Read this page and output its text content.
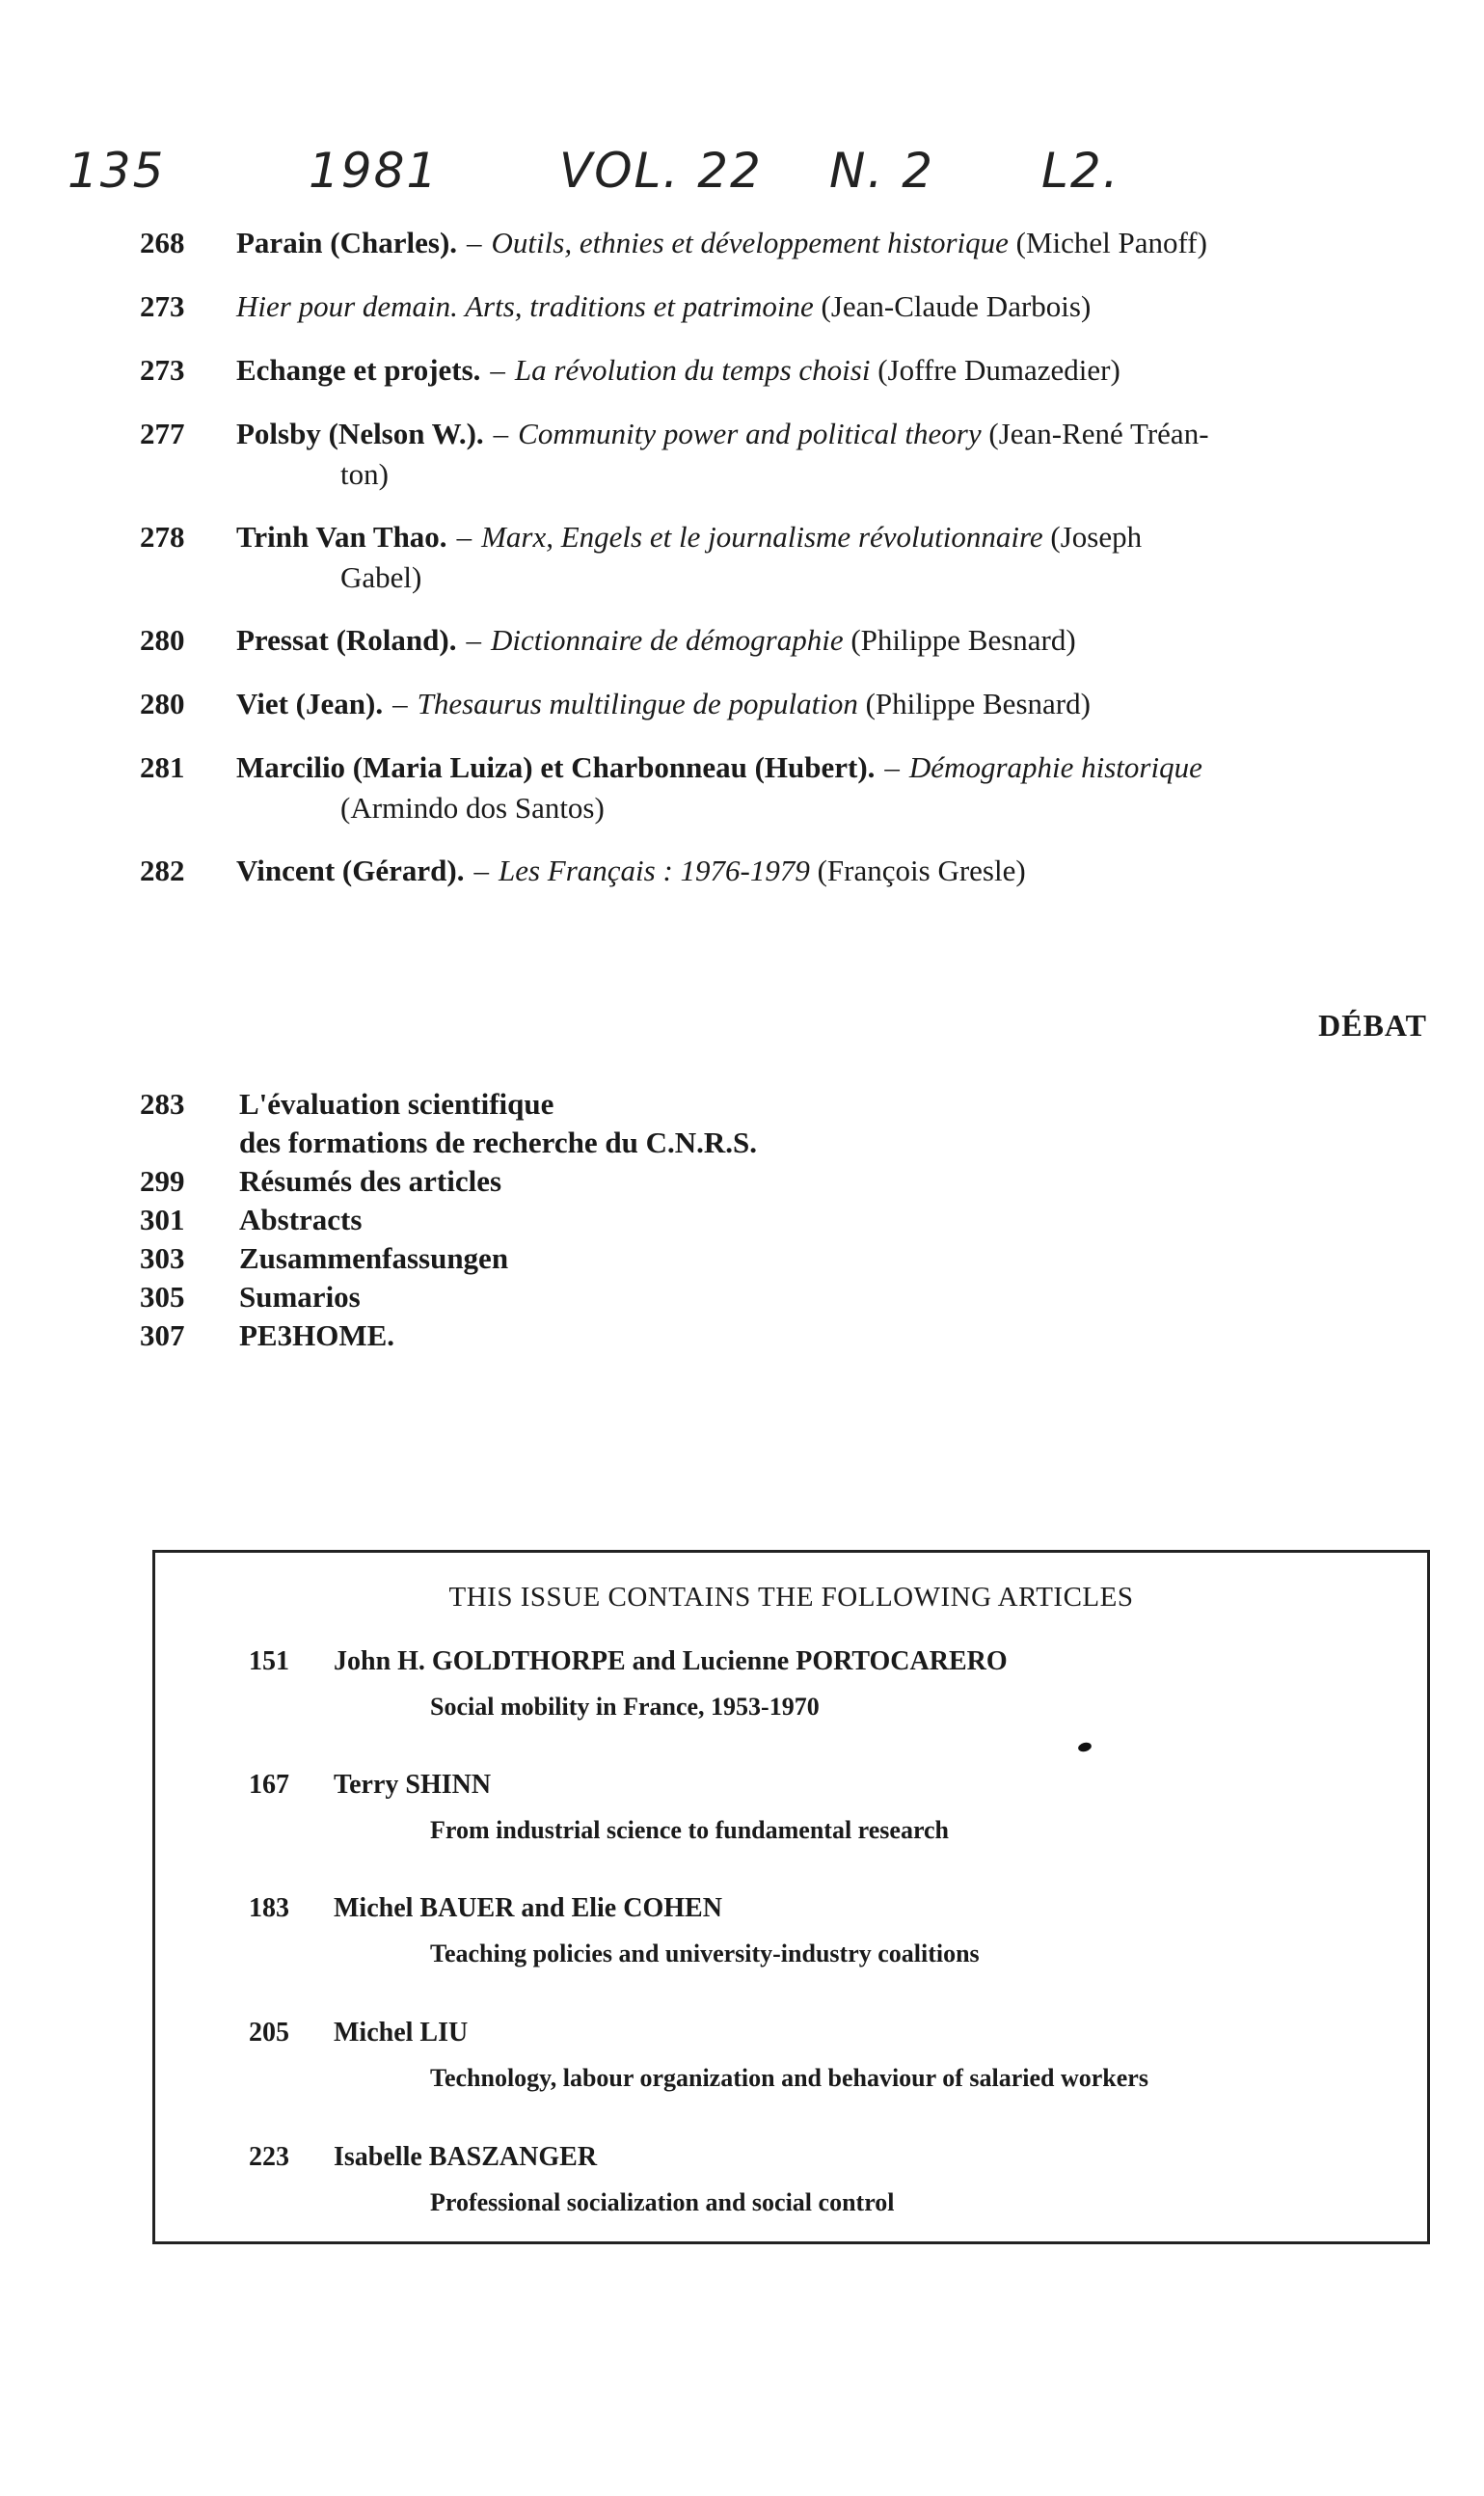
135	1981 VOL. 22 N. 2 L2.
268	Parain (Charles). – Outils, ethnies et développement historique (Michel Panoff)
273	Hier pour demain. Arts, traditions et patrimoine (Jean-Claude Darbois)
273	Echange et projets. – La révolution du temps choisi (Joffre Dumazedier)
277	Polsby (Nelson W.). – Community power and political theory (Jean-René Tréan-
ton)
278	Trinh Van Thao. – Marx, Engels et le journalisme révolutionnaire (Joseph
Gabel)
280	Pressat (Roland). – Dictionnaire de démographie (Philippe Besnard)
280	Viet (Jean). – Thesaurus multilingue de population (Philippe Besnard)
281	Marcilio (Maria Luiza) et Charbonneau (Hubert). – Démographie historique
(Armindo dos Santos)
282	Vincent (Gérard). – Les Français : 1976-1979 (François Gresle)
DÉBAT
283	L'évaluation scientifique
des formations de recherche du C.N.R.S.
299	Résumés des articles
301	Abstracts
303	Zusammenfassungen
305	Sumarios
307	PE3HOME.
THIS ISSUE CONTAINS THE FOLLOWING ARTICLES
151 John H. GOLDTHORPE and Lucienne PORTOCARERO
Social mobility in France, 1953-1970
167 Terry SHINN
From industrial science to fundamental research
183 Michel BAUER and Elie COHEN
Teaching policies and university-industry coalitions
205 Michel LIU
Technology, labour organization and behaviour of salaried workers
223 Isabelle BASZANGER
Professional socialization and social control
